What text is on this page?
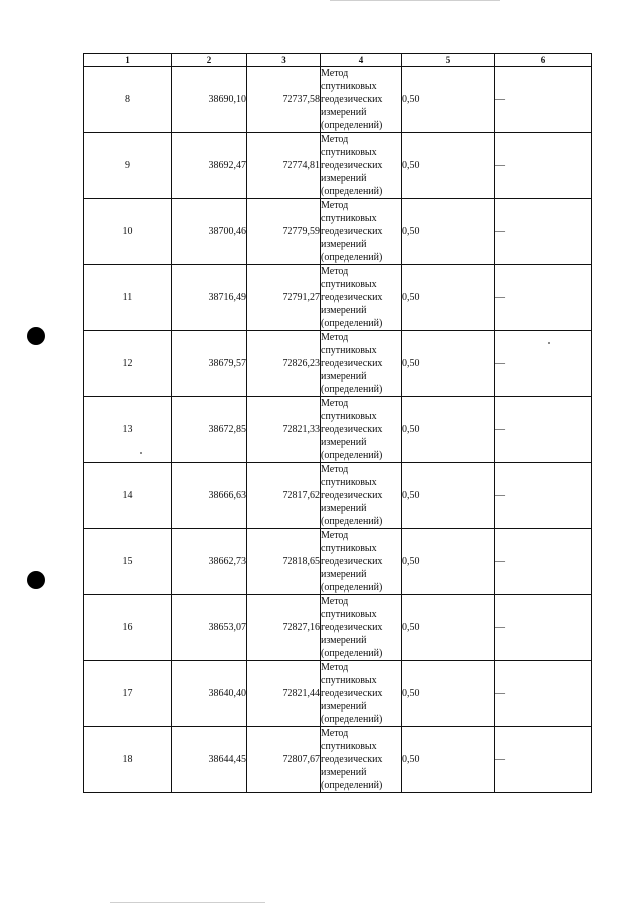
1	2	3	4	5	6
8	38690,10	72737,58	Метод спутниковых геодезических измерений (определений)	0,50	—
9	38692,47	72774,81	Метод спутниковых геодезических измерений (определений)	0,50	—
10	38700,46	72779,59	Метод спутниковых геодезических измерений (определений)	0,50	—
11	38716,49	72791,27	Метод спутниковых геодезических измерений (определений)	0,50	—
12	38679,57	72826,23	Метод спутниковых геодезических измерений (определений)	0,50	—
13	38672,85	72821,33	Метод спутниковых геодезических измерений (определений)	0,50	—
14	38666,63	72817,62	Метод спутниковых геодезических измерений (определений)	0,50	—
15	38662,73	72818,65	Метод спутниковых геодезических измерений (определений)	0,50	—
16	38653,07	72827,16	Метод спутниковых геодезических измерений (определений)	0,50	—
17	38640,40	72821,44	Метод спутниковых геодезических измерений (определений)	0,50	—
18	38644,45	72807,67	Метод спутниковых геодезических измерений (определений)	0,50	—
